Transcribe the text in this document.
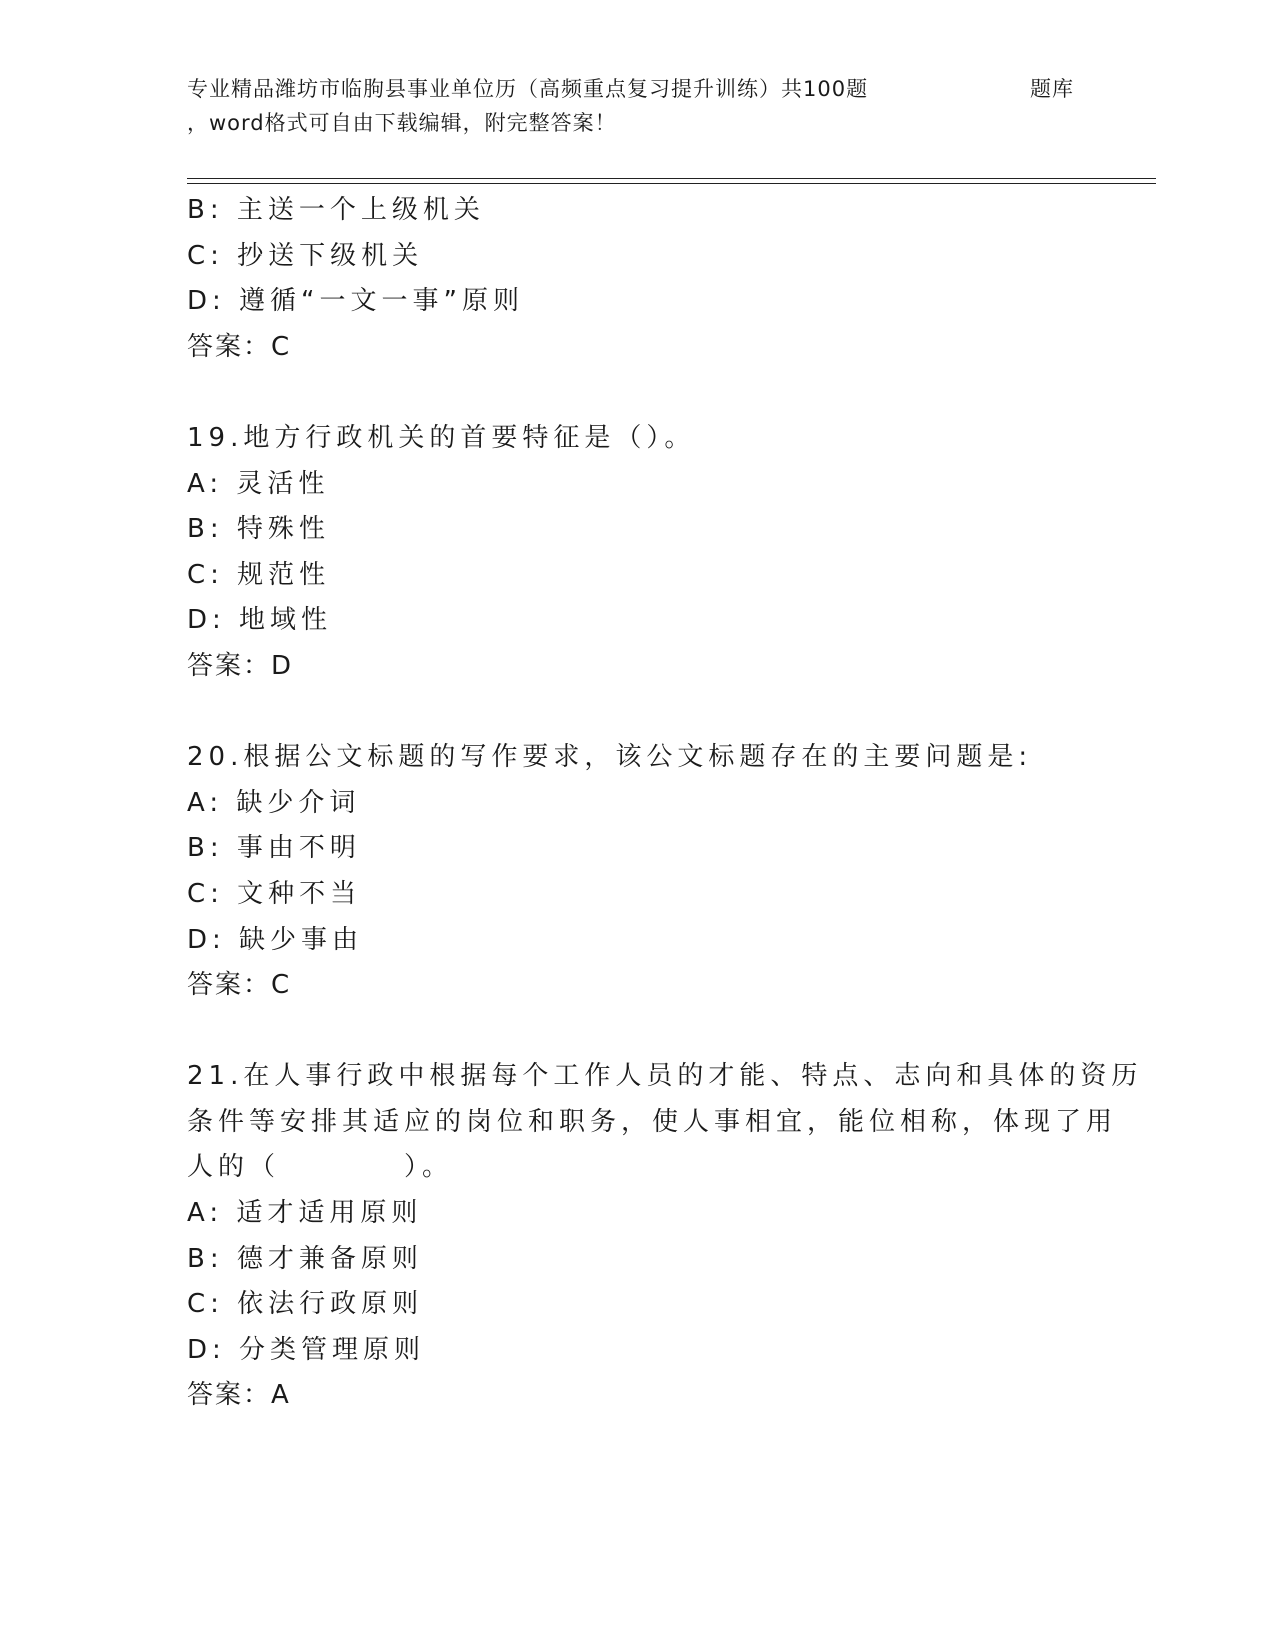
专业精品潍坊市临朐县事业单位历（高频重点复习提升训练）共100题	题库
，word格式可自由下载编辑，附完整答案！
B: 主送一个上级机关
C: 抄送下级机关
D: 遵循“一文一事”原则
答案：C
19.地方行政机关的首要特征是（）。
A: 灵活性
B: 特殊性
C: 规范性
D: 地域性
答案：D
20.根据公文标题的写作要求，该公文标题存在的主要问题是:
A: 缺少介词
B: 事由不明
C: 文种不当
D: 缺少事由
答案：C
21.在人事行政中根据每个工作人员的才能、特点、志向和具体的资历
条件等安排其适应的岗位和职务，使人事相宜，能位相称，体现了用
人的（　　　　）。
A: 适才适用原则
B: 德才兼备原则
C: 依法行政原则
D: 分类管理原则
答案：A
